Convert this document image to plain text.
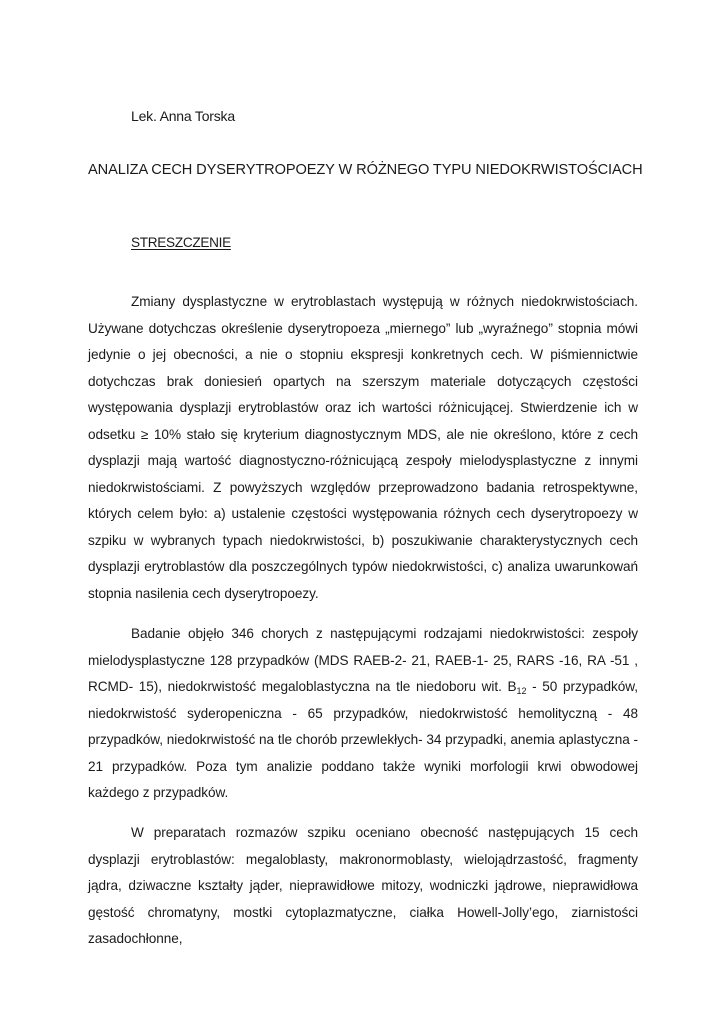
Lek. Anna Torska
ANALIZA CECH DYSERYTROPOEZY W RÓŻNEGO TYPU NIEDOKRWISTOŚCIACH
STRESZCZENIE

Zmiany dysplastyczne w erytroblastach występują w różnych niedokrwistościach. Używane dotychczas określenie dyserytropoeza „miernego” lub „wyraźnego” stopnia mówi jedynie o jej obecności, a nie o stopniu ekspresji konkretnych cech. W piśmiennictwie dotychczas brak doniesień opartych na szerszym materiale dotyczących częstości występowania dysplazji erytroblastów oraz ich wartości różnicującej. Stwierdzenie ich w odsetku ≥ 10% stało się kryterium diagnostycznym MDS, ale nie określono, które z cech dysplazji mają wartość diagnostyczno-różnicującą zespoły mielodysplastyczne z innymi niedokrwistościami. Z powyższych względów przeprowadzono badania retrospektywne, których celem było: a) ustalenie częstości występowania różnych cech dyserytropoezy w szpiku w wybranych typach niedokrwistości, b) poszukiwanie charakterystycznych cech dysplazji erytroblastów dla poszczególnych typów niedokrwistości, c) analiza uwarunkowań stopnia nasilenia cech dyserytropoezy.

Badanie objęło 346 chorych z następującymi rodzajami niedokrwistości: zespoły mielodysplastyczne 128 przypadków (MDS RAEB-2- 21, RAEB-1- 25, RARS -16, RA -51 , RCMD- 15), niedokrwistość megaloblastyczna na tle niedoboru wit. $B_{12} - 50$ przypadków, niedokrwistość syderopeniczna - 65 przypadków, niedokrwistość hemolityczną - 48 przypadków, niedokrwistość na tle chorób przewlekłych- 34 przypadki, anemia aplastyczna - 21 przypadków. Poza tym analizie poddano także wyniki morfologii krwi obwodowej każdego z przypadków.

W preparatach rozmazów szpiku oceniano obecność następujących 15 cech dysplazji erytroblastów: megaloblasty, makronormoblasty, wielojądrzastość, fragmenty jądra, dziwaczne kształty jąder, nieprawidłowe mitozy, wodniczki jądrowe, nieprawidłowa gęstość chromatyny, mostki cytoplazmatyczne, ciałka Howell-Jolly’ego, ziarnistości zasadochłonne,
